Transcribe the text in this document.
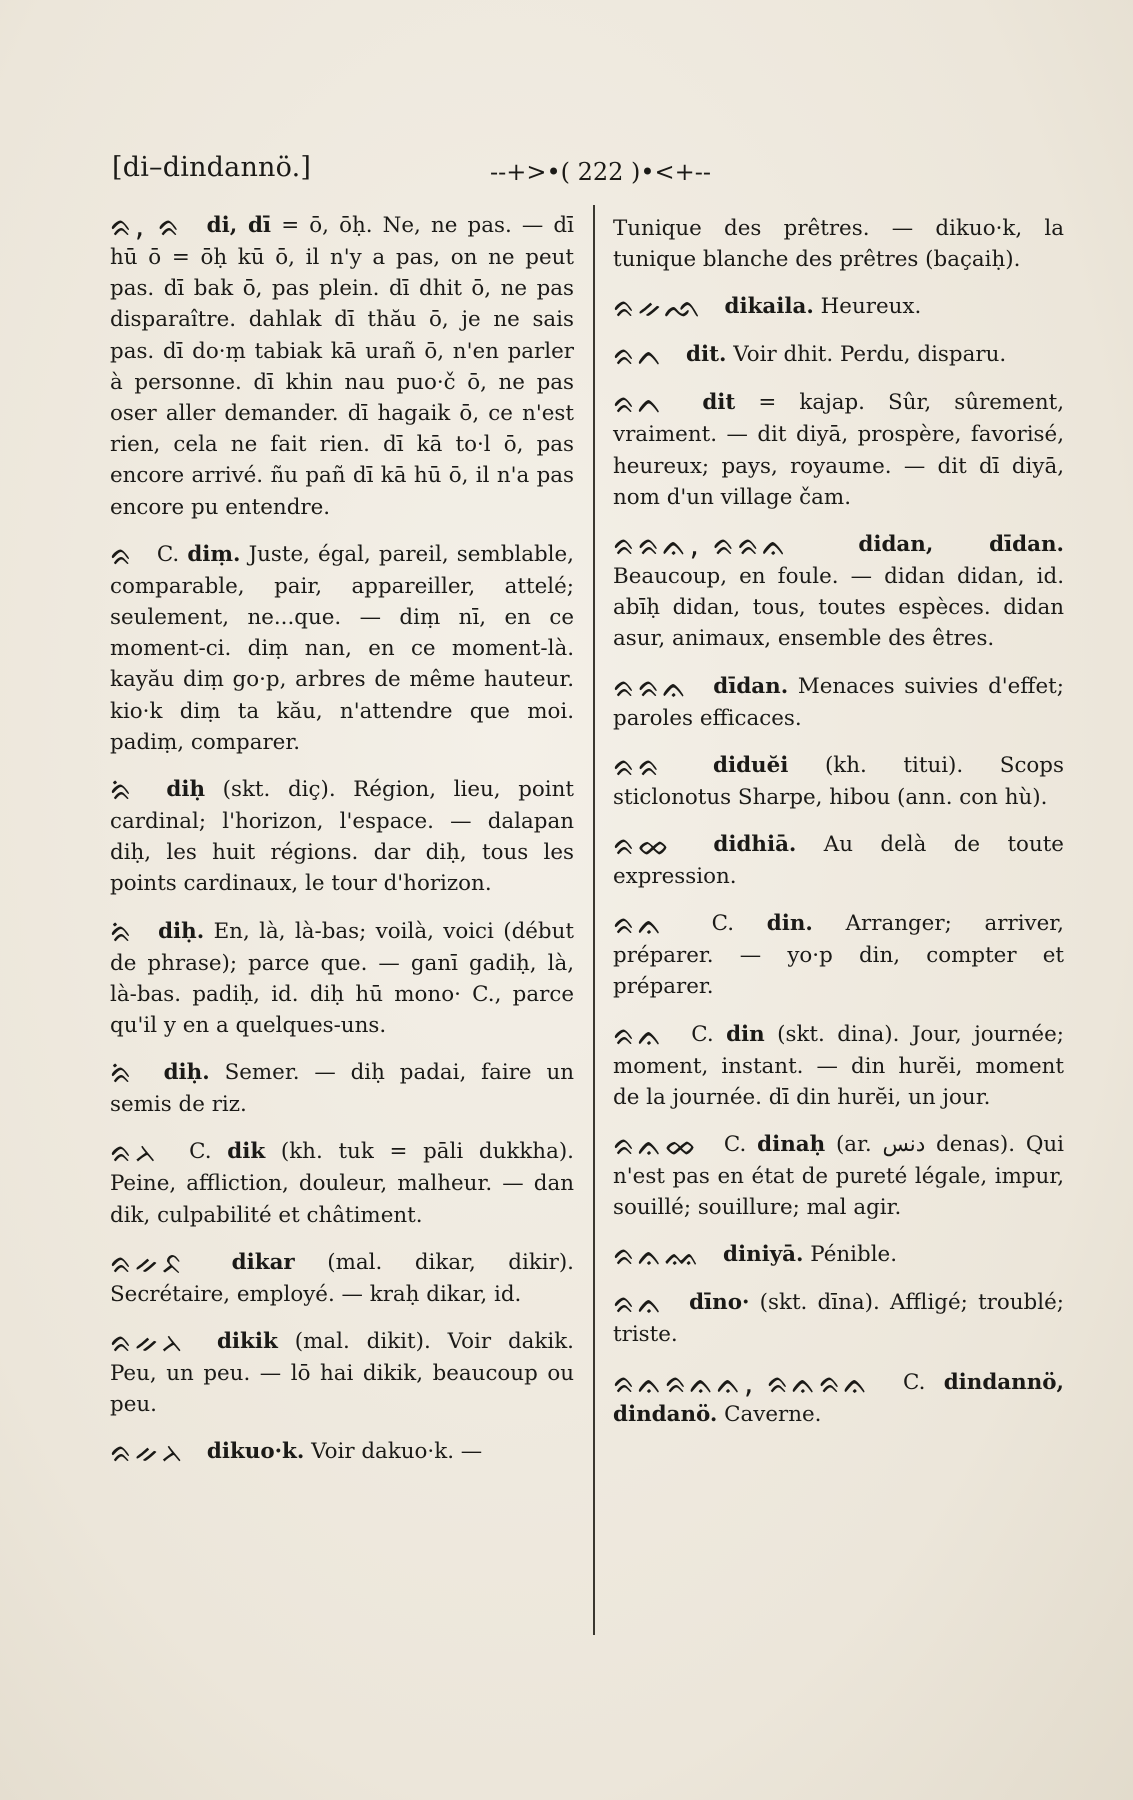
[di–dindannö.]	--+>•( 222 )•<+--

ᨑ, ᨑ di, dī = ō, ōḥ. Ne, ne pas. — dī hū ō = ōḥ kū ō, il n'y a pas, on ne peut pas. dī bak ō, pas plein. dī dhit ō, ne pas disparaître. dahlak dī thău ō, je ne sais pas. dī do·ṃ tabiak kā urañ ō, n'en parler à personne. dī khin nau puo·č ō, ne pas oser aller demander. dī hagaik ō, ce n'est rien, cela ne fait rien. dī kā to·l ō, pas encore arrivé. ñu pañ dī kā hū ō, il n'a pas encore pu entendre.

ᨑ C. diṃ. Juste, égal, pareil, semblable, comparable, pair, appareiller, attelé; seulement, ne...que. — diṃ nī, en ce moment-ci. diṃ nan, en ce moment-là. kayău diṃ go·p, arbres de même hauteur. kio·k diṃ ta kău, n'attendre que moi. padiṃ, comparer.

ᨑᨗ diḥ (skt. diç). Région, lieu, point cardinal; l'horizon, l'espace. — dalapan diḥ, les huit régions. dar diḥ, tous les points cardinaux, le tour d'horizon.

ᨑᨗ diḥ. En, là, là-bas; voilà, voici (début de phrase); parce que. — ganī gadiḥ, là, là-bas. padiḥ, id. diḥ hū mono· C., parce qu'il y en a quelques-uns.

ᨑᨗ diḥ. Semer. — diḥ padai, faire un semis de riz.

ᨑᨂ C. dik (kh. tuk = pāli dukkha). Peine, affliction, douleur, malheur. — dan dik, culpabilité et châtiment.

ᨑᨀᨅ dikar (mal. dikar, dikir). Secrétaire, employé. — kraḥ dikar, id.

ᨑᨀᨂ dikik (mal. dikit). Voir dakik. Peu, un peu. — lō hai dikik, beaucoup ou peu.

ᨑᨀᨂ dikuo·k. Voir dakuo·k. —

Tunique des prêtres. — dikuo·k, la tunique blanche des prêtres (baçaiḥ).

ᨑᨀᨒ dikaila. Heureux.

ᨑᨈ dit. Voir dhit. Perdu, disparu.

ᨑᨈ dit = kajap. Sûr, sûrement, vraiment. — dit diyā, prospère, favorisé, heureux; pays, royaume. — dit dī diyā, nom d'un village čam.

ᨑᨑᨊ, ᨑᨑᨊ	didan, dīdan. Beaucoup, en foule. — didan didan, id. abīḥ didan, tous, toutes espèces. didan asur, animaux, ensemble des êtres.

ᨑᨑᨊ dīdan. Menaces suivies d'effet; paroles efficaces.

ᨑᨑ diduĕi (kh. titui). Scops sticlonotus Sharpe, hibou (ann. con hù).

ᨑᨖ didhiā. Au delà de toute expression.

ᨑᨊ C. din. Arranger; arriver, préparer. — yo·p din, compter et préparer.

ᨑᨊ C. din (skt. dina). Jour, journée; moment, instant. — din hurĕi, moment de la journée. dī din hurĕi, un jour.

ᨑᨊᨖ C. dinaḥ (ar. دنس denas). Qui n'est pas en état de pureté légale, impur, souillé; souillure; mal agir.

ᨑᨊᨐ diniyā. Pénible.

ᨑᨊ dīno· (skt. dīna). Affligé; troublé; triste.

ᨑᨊᨑᨊᨊ, ᨑᨊᨑᨊ C. dindannö, dindanö. Caverne.
